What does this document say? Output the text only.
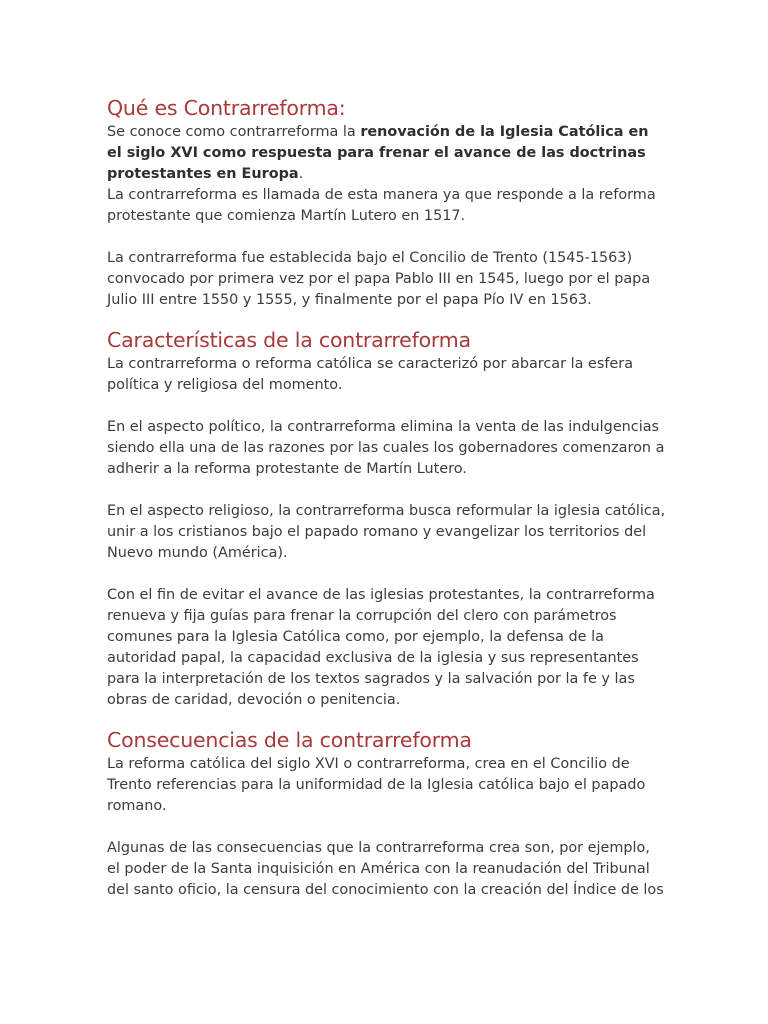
Qué es Contrarreforma:

Se conoce como contrarreforma la renovación de la Iglesia Católica en el siglo XVI como respuesta para frenar el avance de las doctrinas protestantes en Europa.

La contrarreforma es llamada de esta manera ya que responde a la reforma protestante que comienza Martín Lutero en 1517.

La contrarreforma fue establecida bajo el Concilio de Trento (1545-1563) convocado por primera vez por el papa Pablo III en 1545, luego por el papa Julio III entre 1550 y 1555, y finalmente por el papa Pío IV en 1563.

Características de la contrarreforma

La contrarreforma o reforma católica se caracterizó por abarcar la esfera política y religiosa del momento.

En el aspecto político, la contrarreforma elimina la venta de las indulgencias siendo ella una de las razones por las cuales los gobernadores comenzaron a adherir a la reforma protestante de Martín Lutero.

En el aspecto religioso, la contrarreforma busca reformular la iglesia católica, unir a los cristianos bajo el papado romano y evangelizar los territorios del Nuevo mundo (América).

Con el fin de evitar el avance de las iglesias protestantes, la contrarreforma renueva y fija guías para frenar la corrupción del clero con parámetros comunes para la Iglesia Católica como, por ejemplo, la defensa de la autoridad papal, la capacidad exclusiva de la iglesia y sus representantes para la interpretación de los textos sagrados y la salvación por la fe y las obras de caridad, devoción o penitencia.

Consecuencias de la contrarreforma

La reforma católica del siglo XVI o contrarreforma, crea en el Concilio de Trento referencias para la uniformidad de la Iglesia católica bajo el papado romano.

Algunas de las consecuencias que la contrarreforma crea son, por ejemplo, el poder de la Santa inquisición en América con la reanudación del Tribunal del santo oficio, la censura del conocimiento con la creación del Índice de los
